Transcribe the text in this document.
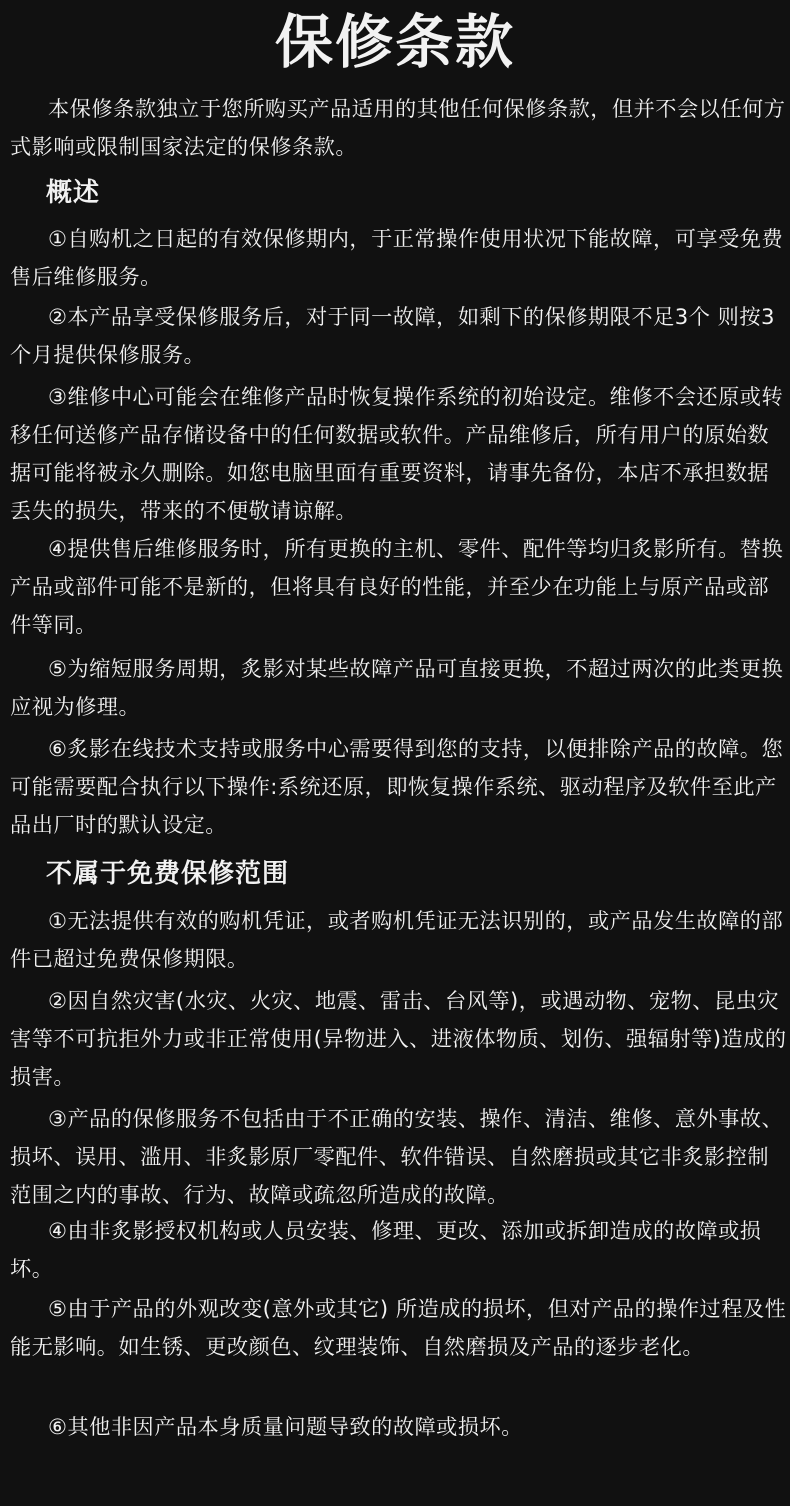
保修条款

本保修条款独立于您所购买产品适用的其他任何保修条款，但并不会以任何方式影响或限制国家法定的保修条款。

概述

①自购机之日起的有效保修期内，于正常操作使用状况下能故障，可享受免费售后维修服务。

②本产品享受保修服务后，对于同一故障，如剩下的保修期限不足3个 则按3个月提供保修服务。

③维修中心可能会在维修产品时恢复操作系统的初始设定。维修不会还原或转移任何送修产品存储设备中的任何数据或软件。产品维修后，所有用户的原始数据可能将被永久删除。如您电脑里面有重要资料，请事先备份，本店不承担数据丢失的损失，带来的不便敬请谅解。

④提供售后维修服务时，所有更换的主机、零件、配件等均归炙影所有。替换产品或部件可能不是新的，但将具有良好的性能，并至少在功能上与原产品或部件等同。

⑤为缩短服务周期，炙影对某些故障产品可直接更换，不超过两次的此类更换应视为修理。

⑥炙影在线技术支持或服务中心需要得到您的支持，以便排除产品的故障。您可能需要配合执行以下操作:系统还原，即恢复操作系统、驱动程序及软件至此产品出厂时的默认设定。

不属于免费保修范围

①无法提供有效的购机凭证，或者购机凭证无法识别的，或产品发生故障的部件已超过免费保修期限。

②因自然灾害(水灾、火灾、地震、雷击、台风等)，或遇动物、宠物、昆虫灾害等不可抗拒外力或非正常使用(异物进入、进液体物质、划伤、强辐射等)造成的损害。

③产品的保修服务不包括由于不正确的安装、操作、清洁、维修、意外事故、损坏、误用、滥用、非炙影原厂零配件、软件错误、自然磨损或其它非炙影控制范围之内的事故、行为、故障或疏忽所造成的故障。

④由非炙影授权机构或人员安装、修理、更改、添加或拆卸造成的故障或损坏。

⑤由于产品的外观改变(意外或其它) 所造成的损坏，但对产品的操作过程及性能无影响。如生锈、更改颜色、纹理装饰、自然磨损及产品的逐步老化。

⑥其他非因产品本身质量问题导致的故障或损坏。
